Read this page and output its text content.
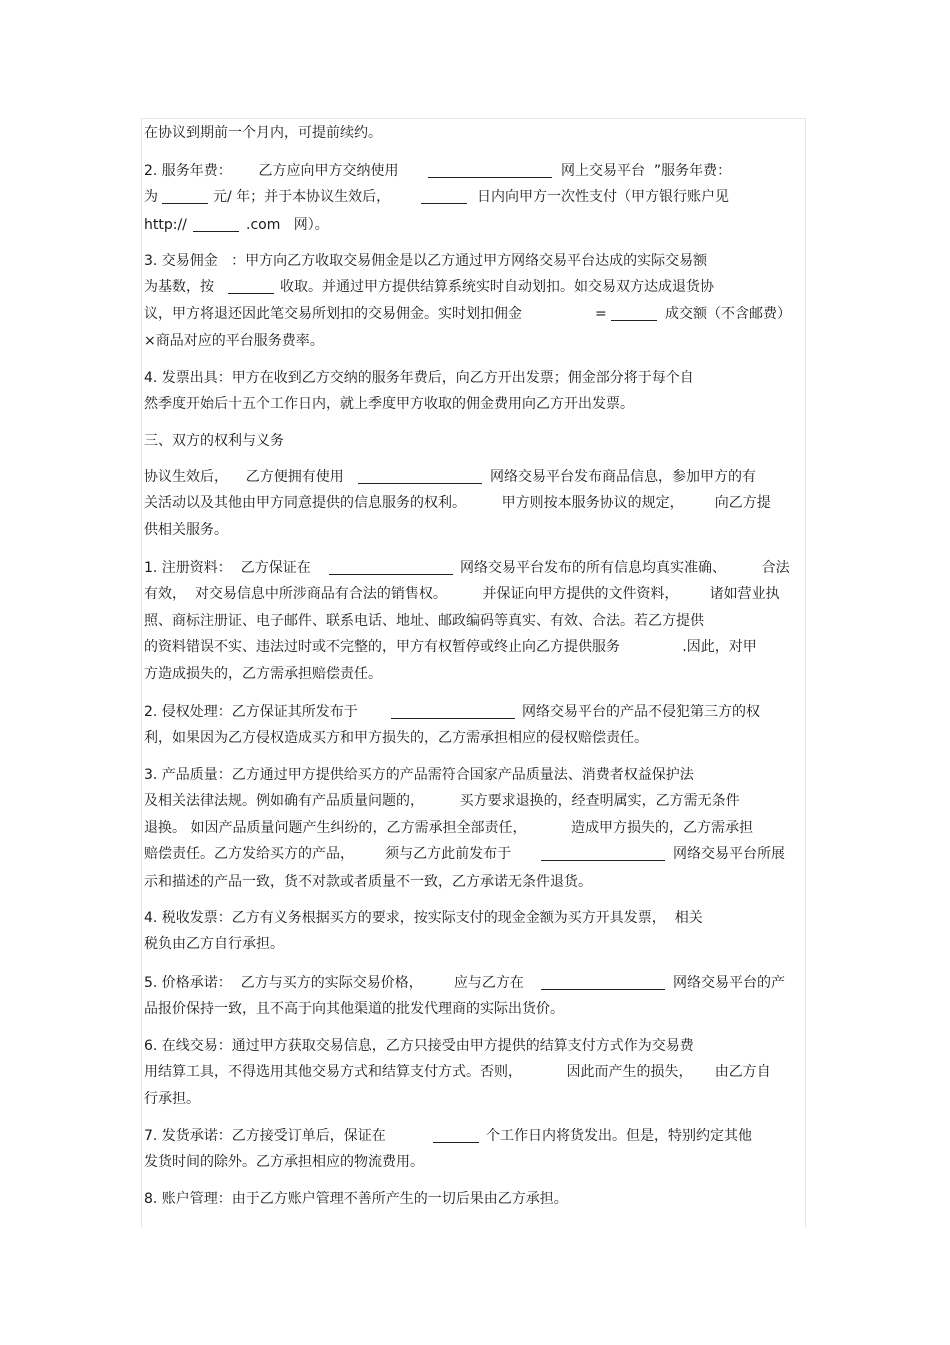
在协议到期前一个月内，可提前续约。
2. 服务年费：      乙方应向甲方交纳使用	网上交易平台  ”服务年费：
为	元/ 年；并于本协议生效后，	日内向甲方一次性支付（甲方银行账户见
http://	.com   网）。
3. 交易佣金   ：甲方向乙方收取交易佣金是以乙方通过甲方网络交易平台达成的实际交易额
为基数，按	收取。并通过甲方提供结算系统实时自动划扣。如交易双方达成退货协
议，甲方将退还因此笔交易所划扣的交易佣金。实时划扣佣金	=	成交额（不含邮费）
×商品对应的平台服务费率。
4. 发票出具：甲方在收到乙方交纳的服务年费后，向乙方开出发票；佣金部分将于每个自
然季度开始后十五个工作日内，就上季度甲方收取的佣金费用向乙方开出发票。
三、双方的权利与义务
协议生效后，    乙方便拥有使用	网络交易平台发布商品信息，参加甲方的有
关活动以及其他由甲方同意提供的信息服务的权利。        甲方则按本服务协议的规定，       向乙方提
供相关服务。
1. 注册资料：  乙方保证在	网络交易平台发布的所有信息均真实准确、        合法
有效，  对交易信息中所涉商品有合法的销售权。        并保证向甲方提供的文件资料，       诸如营业执
照、商标注册证、电子邮件、联系电话、地址、邮政编码等真实、有效、合法。若乙方提供
的资料错误不实、违法过时或不完整的，甲方有权暂停或终止向乙方提供服务              .因此，对甲
方造成损失的，乙方需承担赔偿责任。
2. 侵权处理：乙方保证其所发布于	网络交易平台的产品不侵犯第三方的权
利，如果因为乙方侵权造成买方和甲方损失的，乙方需承担相应的侵权赔偿责任。
3. 产品质量：乙方通过甲方提供给买方的产品需符合国家产品质量法、消费者权益保护法
及相关法律法规。例如确有产品质量问题的，        买方要求退换的，经查明属实，乙方需无条件
退换。 如因产品质量问题产生纠纷的，乙方需承担全部责任，          造成甲方损失的，乙方需承担
赔偿责任。乙方发给买方的产品，       须与乙方此前发布于	网络交易平台所展
示和描述的产品一致，货不对款或者质量不一致，乙方承诺无条件退货。
4. 税收发票：乙方有义务根据买方的要求，按实际支付的现金金额为买方开具发票，  相关
税负由乙方自行承担。
5. 价格承诺：  乙方与买方的实际交易价格，       应与乙方在	网络交易平台的产
品报价保持一致，且不高于向其他渠道的批发代理商的实际出货价。
6. 在线交易：通过甲方获取交易信息，乙方只接受由甲方提供的结算支付方式作为交易费
用结算工具，不得选用其他交易方式和结算支付方式。否则，          因此而产生的损失，     由乙方自
行承担。
7. 发货承诺：乙方接受订单后，保证在	个工作日内将货发出。但是，特别约定其他
发货时间的除外。乙方承担相应的物流费用。
8. 账户管理：由于乙方账户管理不善所产生的一切后果由乙方承担。
